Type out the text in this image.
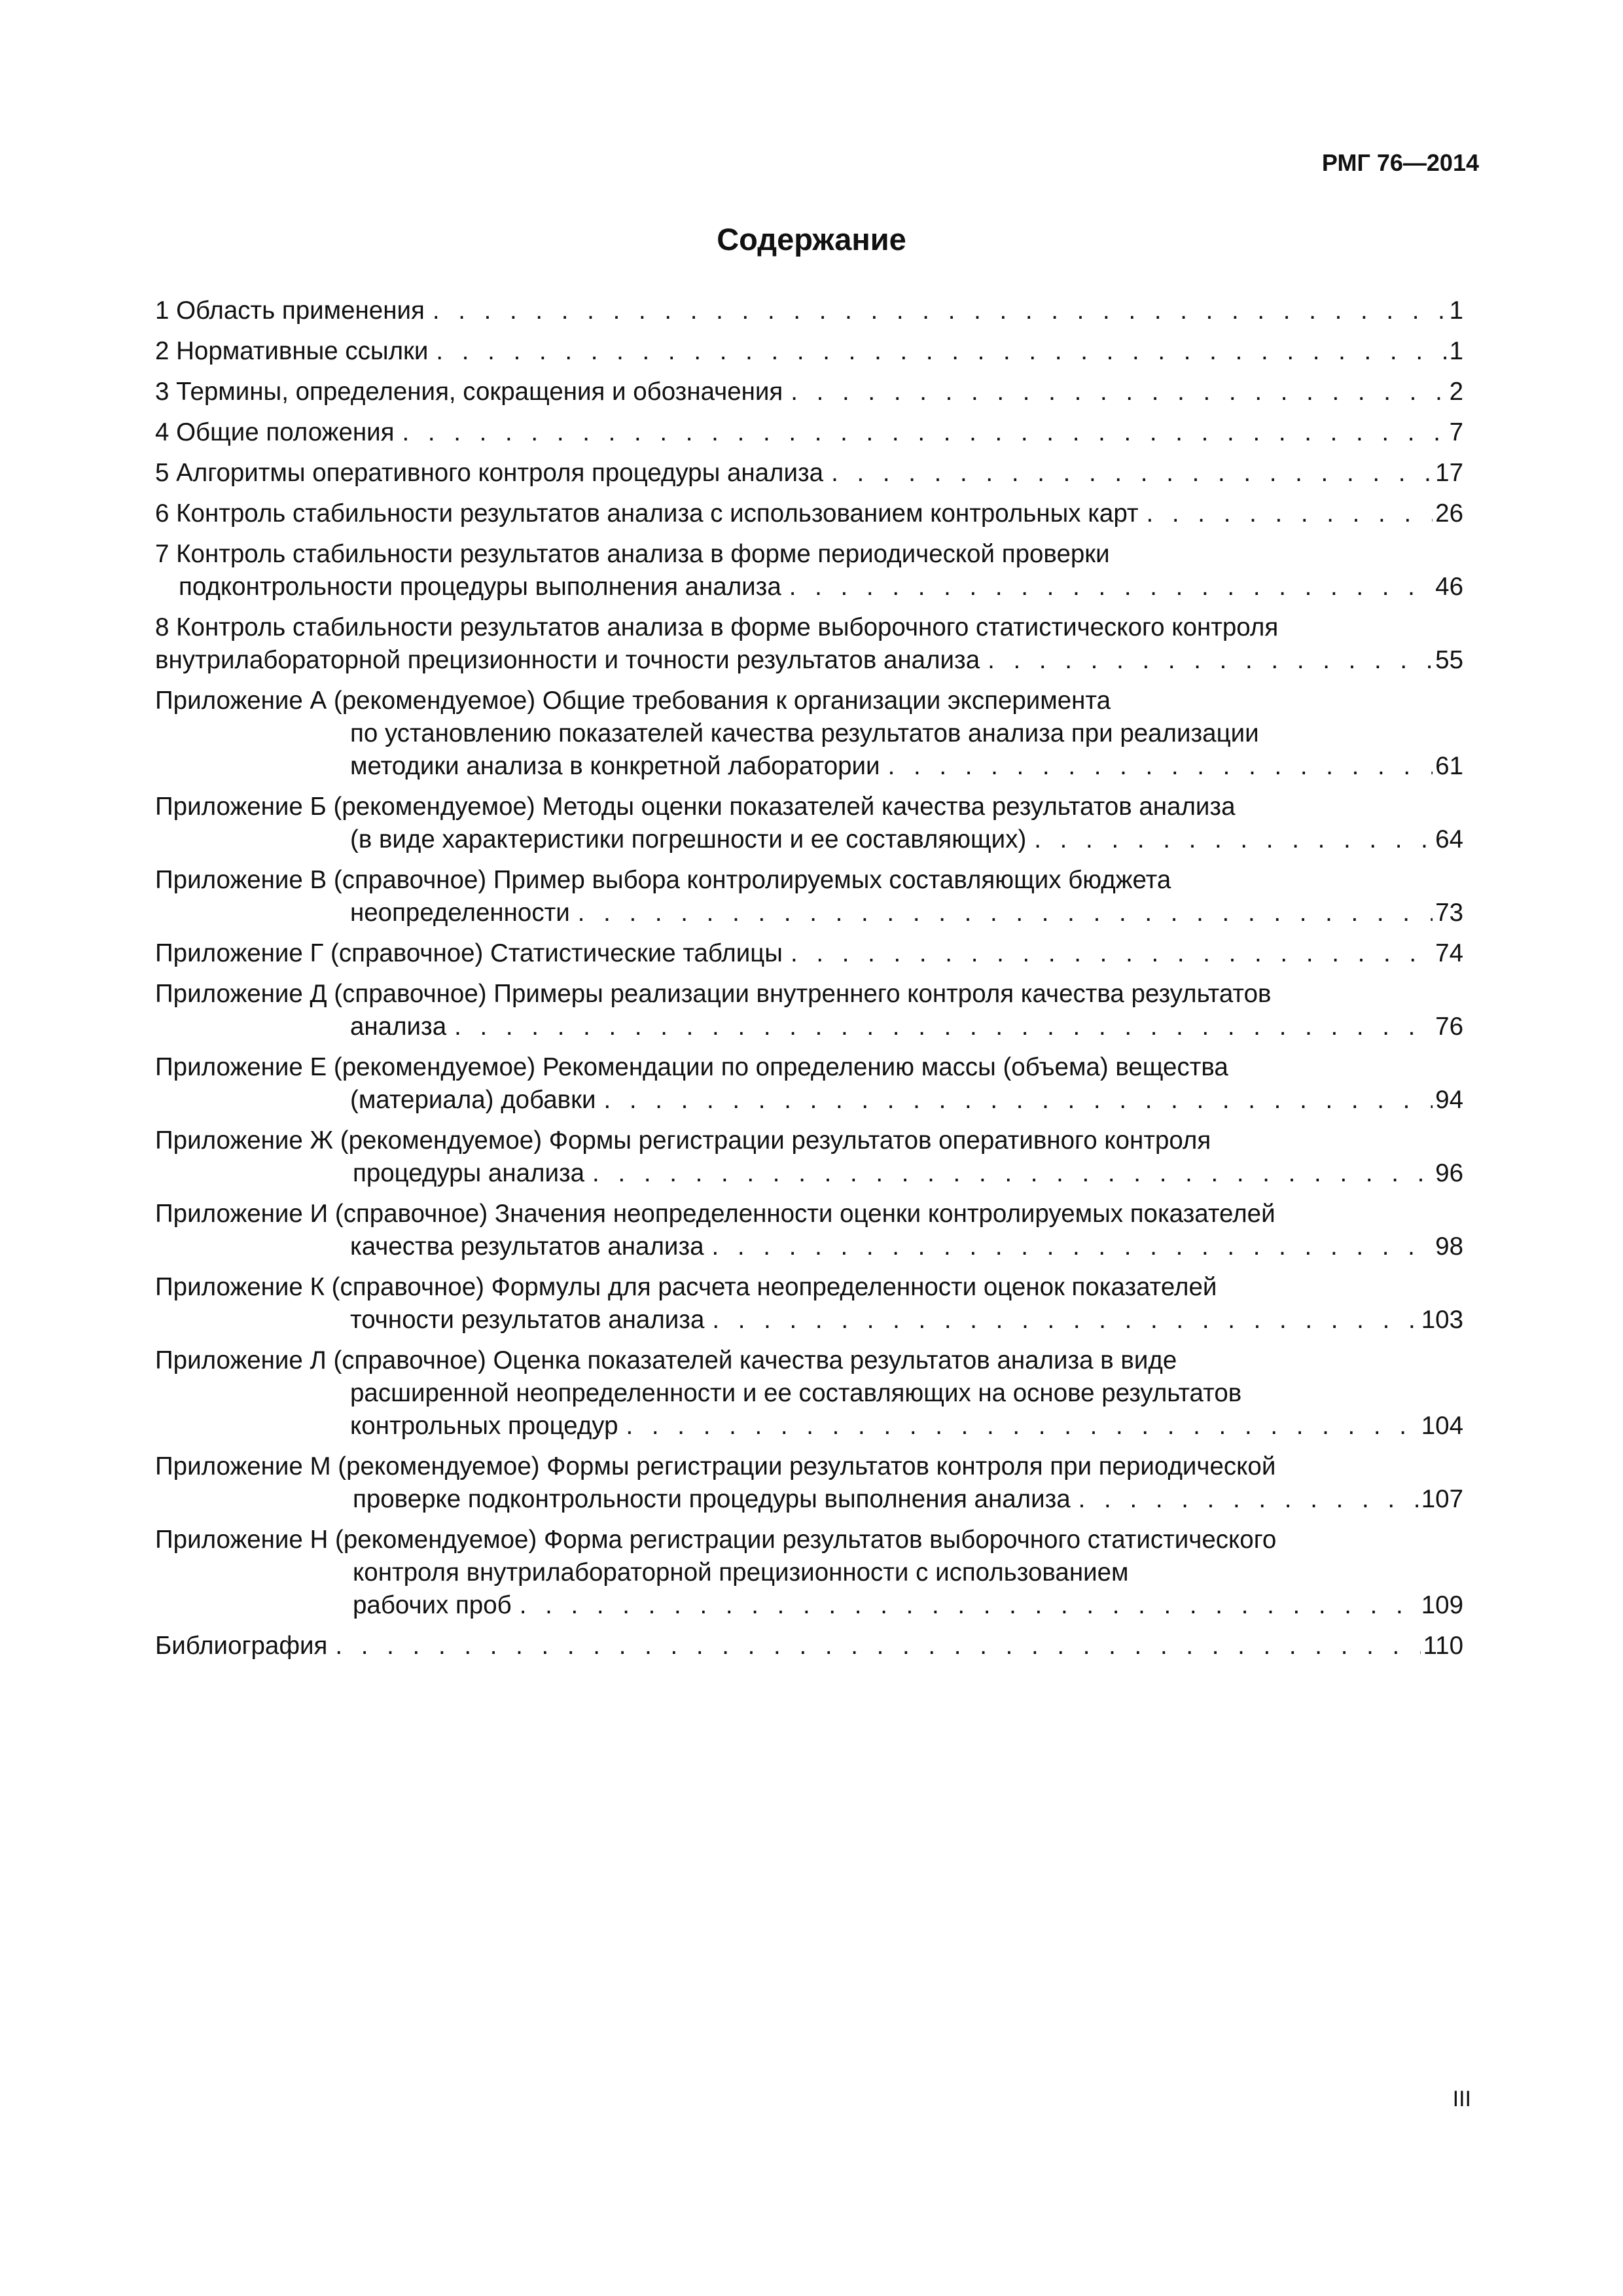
РМГ 76—2014
Содержание
1 Область применения . . .	1
2 Нормативные ссылки . . .	1
3 Термины, определения, сокращения и обозначения . . .	2
4 Общие положения . . .	7
5 Алгоритмы оперативного контроля процедуры анализа . . .	17
6 Контроль стабильности результатов анализа с использованием контрольных карт . . .	26
7 Контроль стабильности результатов анализа в форме периодической проверки
подконтрольности процедуры выполнения анализа . . .	46
8 Контроль стабильности результатов анализа в форме выборочного статистического контроля
внутрилабораторной прецизионности и точности результатов анализа . . .	55
Приложение А (рекомендуемое) Общие требования к организации эксперимента
по установлению показателей качества результатов анализа при реализации
методики анализа в конкретной лаборатории . . .	61
Приложение Б (рекомендуемое) Методы оценки показателей качества результатов анализа
(в виде характеристики погрешности и ее составляющих) . . .	64
Приложение В (справочное) Пример выбора контролируемых составляющих бюджета
неопределенности . . .	73
Приложение Г (справочное) Статистические таблицы . . .	74
Приложение Д (справочное) Примеры реализации внутреннего контроля качества результатов
анализа . . .	76
Приложение Е (рекомендуемое) Рекомендации по определению массы (объема) вещества
(материала) добавки . . .	94
Приложение Ж (рекомендуемое) Формы регистрации результатов оперативного контроля
процедуры анализа . . .	96
Приложение И (справочное) Значения неопределенности оценки контролируемых показателей
качества результатов анализа . . .	98
Приложение К (справочное) Формулы для расчета неопределенности оценок показателей
точности результатов анализа . . .	103
Приложение Л (справочное) Оценка показателей качества результатов анализа в виде
расширенной неопределенности и ее составляющих на основе результатов
контрольных процедур . . .	104
Приложение М (рекомендуемое) Формы регистрации результатов контроля при периодической
проверке подконтрольности процедуры выполнения анализа . . .	107
Приложение Н (рекомендуемое) Форма регистрации результатов выборочного статистического
контроля внутрилабораторной прецизионности с использованием
рабочих проб . . .	109
Библиография . . .	110
III
